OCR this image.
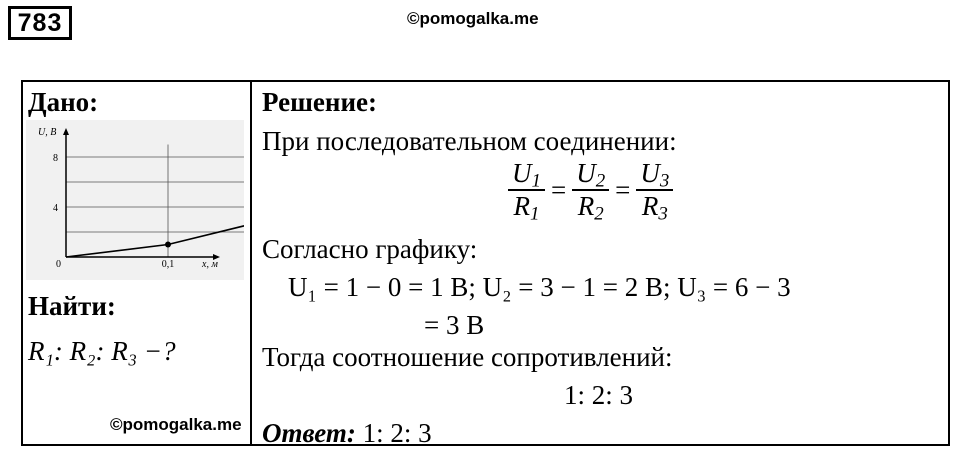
783	©pomogalka.me
Дано:
0,1
4
8
U, В
x, м
0
Найти:
R₁: R₂: R₃ −?
©pomogalka.me
Решение:
При последовательном соединении:
$\frac{U_1}{R_1} = \frac{U_2}{R_2} = \frac{U_3}{R_3}$
Согласно графику:
U₁ = 1 − 0 = 1 В; U₂ = 3 − 1 = 2 В; U₃ = 6 − 3
= 3 В
Тогда соотношение сопротивлений:
1: 2: 3
Ответ: 1: 2: 3
